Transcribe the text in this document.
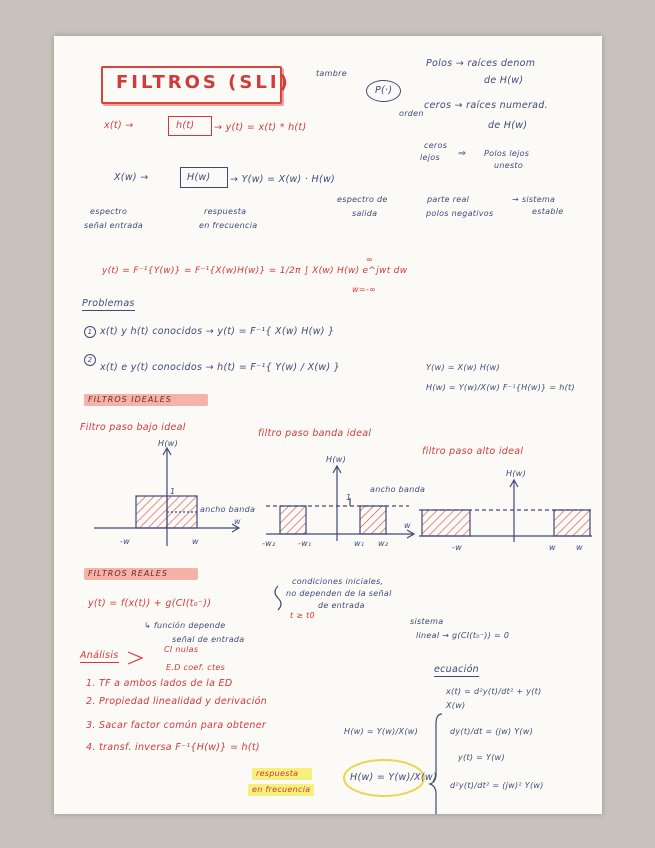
FILTROS (SLI)	tambre
P(·)
orden
Polos → raíces denom
de H(w)
ceros → raíces numerad.
de H(w)
ceros
lejos ⇒ Polos lejos
unesto
x(t) →	h(t) → y(t) = x(t) * h(t)
X(w) →	H(w) → Y(w) = X(w) · H(w)
espectro
señal entrada
respuesta
en frecuencia
espectro de
salida
parte real
polos negativos
→ sistema
estable
y(t) = F⁻¹{Y(w)} = F⁻¹{X(w)H(w)} = 1/2π ∫ X(w) H(w) e^jwt dw
∞
w=-∞
Problemas
1 x(t) y h(t) conocidos → y(t) = F⁻¹{ X(w) H(w) }
2
x(t) e y(t) conocidos → h(t) = F⁻¹{ Y(w) / X(w) }	Y(w) = X(w) H(w)
H(w) = Y(w)/X(w) F⁻¹{H(w)} = h(t)
FILTROS IDEALES
Filtro paso bajo ideal
filtro paso banda ideal
filtro paso alto ideal
H(w)
1
ancho banda
-w	w
w
H(w)
1
ancho banda
-w₂	-w₁	w₁ w₂
w
H(w)
-w	w	w
FILTROS REALES
y(t) = f(x(t)) + g(CI(t₀⁻))
t ≥ t0
condiciones iniciales,
no dependen de la señal
de entrada
↳ función depende
señal de entrada
sistema
lineal → g(CI(t₀⁻)) = 0
Análisis
CI nulas
E.D coef. ctes
1. TF a ambos lados de la ED
2. Propiedad linealidad y derivación
3. Sacar factor común para obtener
H(w) = Y(w)/X(w)
4. transf. inversa F⁻¹{H(w)} = h(t)
respuesta
en frecuencia
H(w) = Y(w)/X(w)
ecuación
x(t) = d²y(t)/dt² + y(t)
X(w)
dy(t)/dt = (jw) Y(w)
y(t) = Y(w)
d²y(t)/dt² = (jw)² Y(w)
